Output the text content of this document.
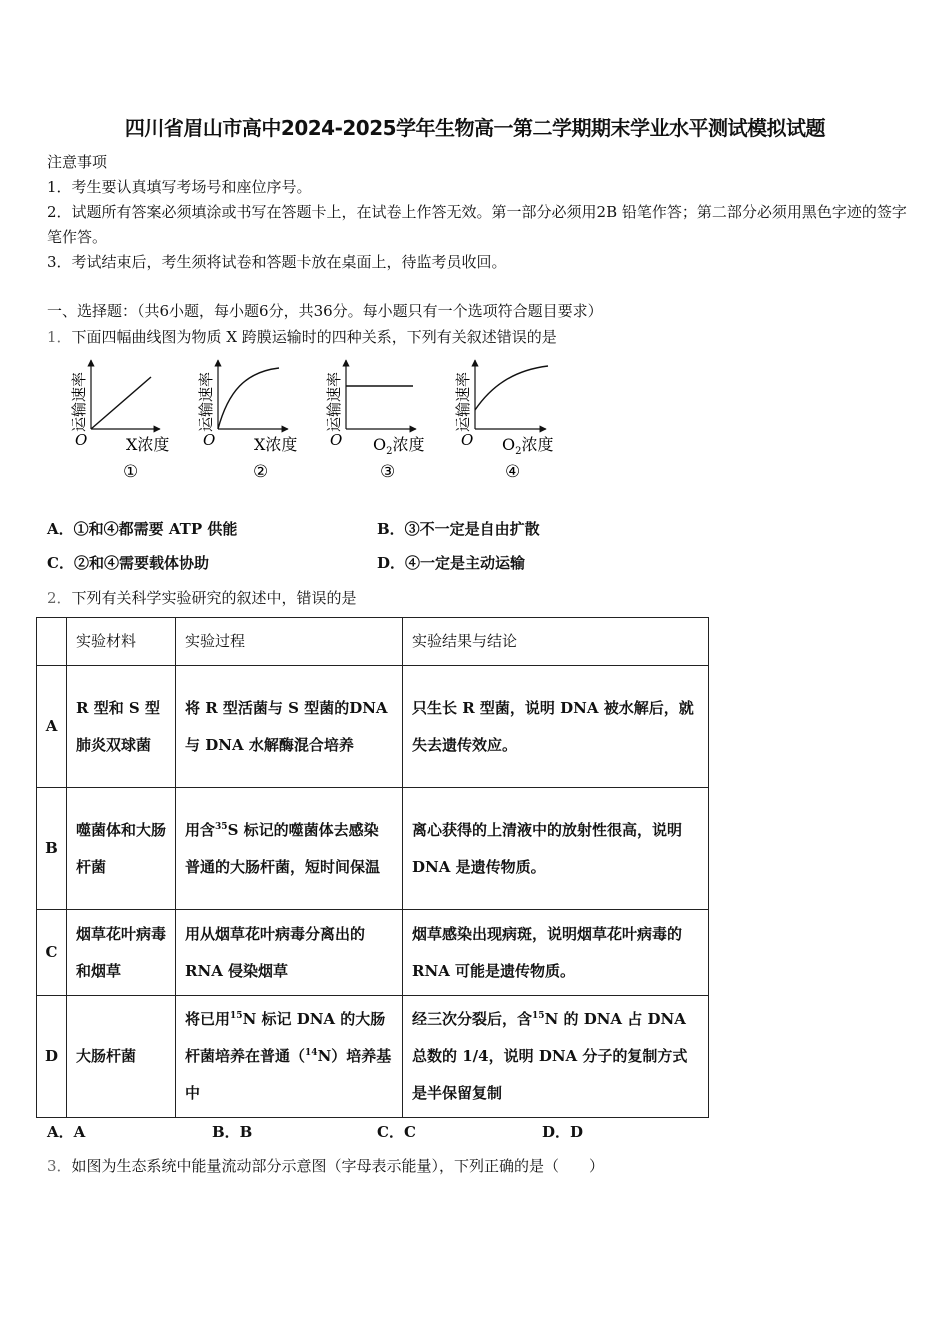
四川省眉山市高中2024-2025学年生物高一第二学期期末学业水平测试模拟试题
注意事项
1．考生要认真填写考场号和座位序号。
2．试题所有答案必须填涂或书写在答题卡上，在试卷上作答无效。第一部分必须用2B 铅笔作答；第二部分必须用黑色字迹的签字笔作答。
3．考试结束后，考生须将试卷和答题卡放在桌面上，待监考员收回。
一、选择题：（共6小题，每小题6分，共36分。每小题只有一个选项符合题目要求）
1．下面四幅曲线图为物质 X 跨膜运输时的四种关系，下列有关叙述错误的是
运输速率
O X浓度
①
运输速率
O X浓度
②
运输速率
O $O_2$浓度
③
运输速率
O $O_2$浓度
④
A．①和④都需要 ATP 供能	B．③不一定是自由扩散
C．②和④需要载体协助	D．④一定是主动运输
2．下列有关科学实验研究的叙述中，错误的是
	实验材料	实验过程	实验结果与结论
A	R 型和 S 型肺炎双球菌	将 R 型活菌与 S 型菌的DNA 与 DNA 水解酶混合培养	只生长 R 型菌，说明 DNA 被水解后，就失去遗传效应。
B	噬菌体和大肠杆菌	用含$^{35}$S 标记的噬菌体去感染普通的大肠杆菌，短时间保温	离心获得的上清液中的放射性很高，说明 DNA 是遗传物质。
C	烟草花叶病毒和烟草	用从烟草花叶病毒分离出的 RNA 侵染烟草	烟草感染出现病斑，说明烟草花叶病毒的 RNA 可能是遗传物质。
D	大肠杆菌	将已用$^{15}$N 标记 DNA 的大肠杆菌培养在普通（$^{14}$N）培养基中	经三次分裂后，含$^{15}$N 的 DNA 占 DNA 总数的 1/4，说明 DNA 分子的复制方式是半保留复制
A．A	B．B	C．C	D．D
3．如图为生态系统中能量流动部分示意图（字母表示能量），下列正确的是（　　）
